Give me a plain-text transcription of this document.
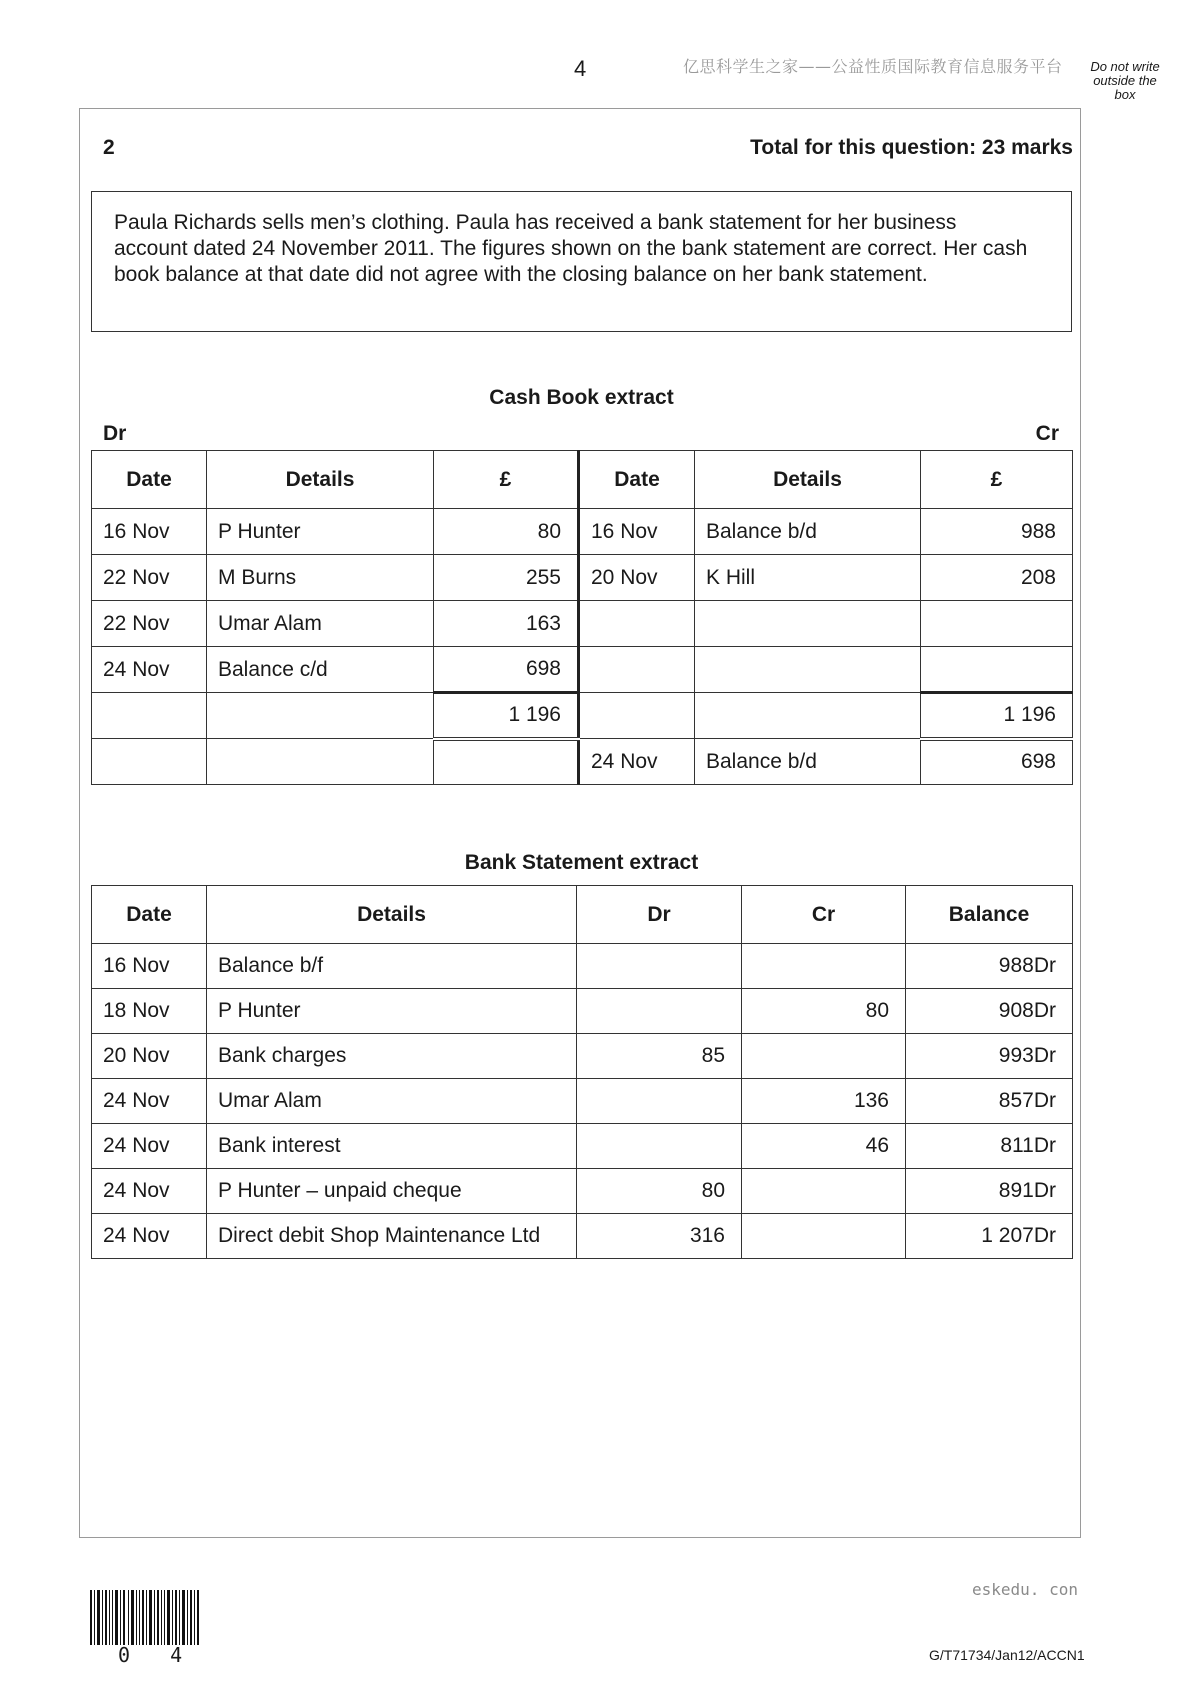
4	亿思科学生之家——公益性质国际教育信息服务平台	Do not write
outside the
box
2	Total for this question: 23 marks

Paula Richards sells men’s clothing. Paula has received a bank statement for her business account dated 24 November 2011. The figures shown on the bank statement are correct. Her cash book balance at that date did not agree with the closing balance on her bank statement.

Cash Book extract
Dr	Cr
Date	Details	£	Date	Details	£
16 Nov	P Hunter	80	16 Nov	Balance b/d	988
22 Nov	M Burns	255	20 Nov	K Hill	208
22 Nov	Umar Alam	163			
24 Nov	Balance c/d	698			
		1 196			1 196
			24 Nov	Balance b/d	698
Bank Statement extract
Date	Details	Dr	Cr	Balance
16 Nov	Balance b/f			988Dr
18 Nov	P Hunter		80	908Dr
20 Nov	Bank charges	85		993Dr
24 Nov	Umar Alam		136	857Dr
24 Nov	Bank interest		46	811Dr
24 Nov	P Hunter – unpaid cheque	80		891Dr
24 Nov	Direct debit Shop Maintenance Ltd	316		1 207Dr
0 4
eskedu. con
G/T71734/Jan12/ACCN1
